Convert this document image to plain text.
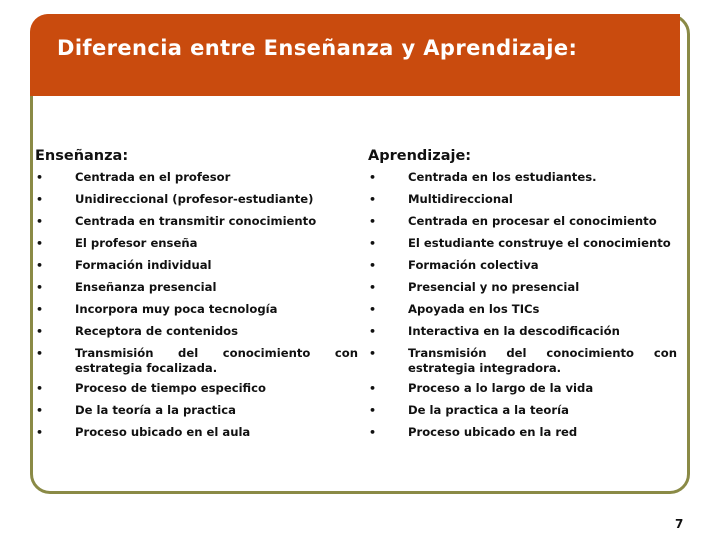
Diferencia entre Enseñanza y Aprendizaje:
Enseñanza:
•	Centrada en el profesor
•	Unidireccional (profesor-estudiante)
•	Centrada en transmitir conocimiento
•	El profesor enseña
•	Formación individual
•	Enseñanza presencial
•	Incorpora muy poca tecnología
•	Receptora de contenidos
•	Transmisión del conocimiento con estrategia focalizada.
•	Proceso de tiempo especifico
•	De la teoría a la practica
•	Proceso ubicado en el aula
Aprendizaje:
•	Centrada en los estudiantes.
•	Multidireccional
•	Centrada en procesar el conocimiento
•	El estudiante construye el conocimiento
•	Formación colectiva
•	Presencial y no presencial
•	Apoyada en los TICs
•	Interactiva en la descodificación
•	Transmisión del conocimiento con estrategia integradora.
•	Proceso a lo largo de la vida
•	De la practica a la teoría
•	Proceso ubicado en la red
7
